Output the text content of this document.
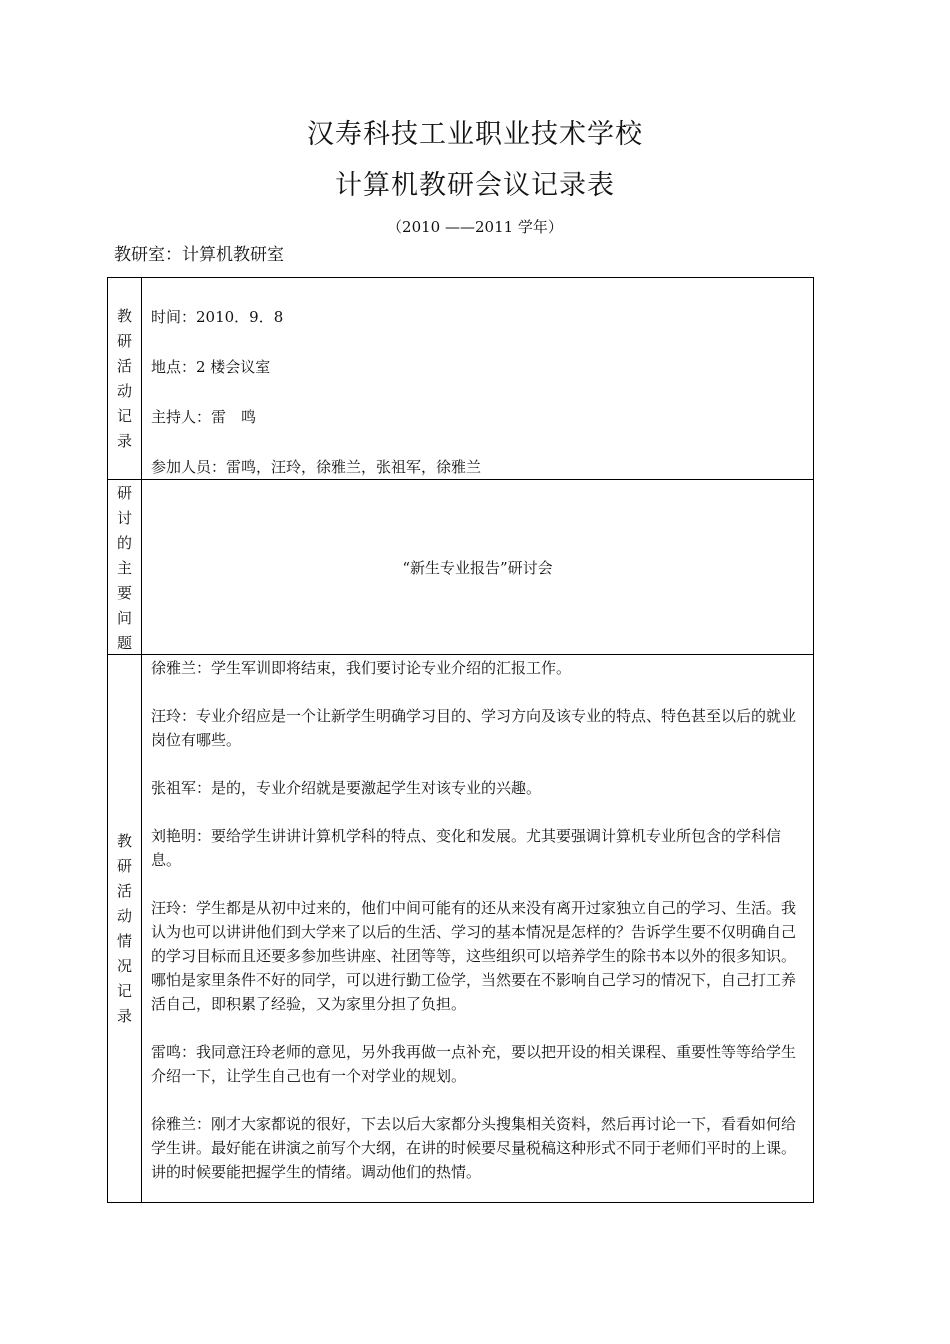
汉寿科技工业职业技术学校
计算机教研会议记录表
（2010 ——2011 学年）
教研室：计算机教研室
教
研
活
动
记
录

时间：2010．9．8

地点：2 楼会议室

主持人：雷　鸣

参加人员：雷鸣，汪玲，徐雅兰，张祖军，徐雅兰

研
讨
的
主
要
问
题
“新生专业报告”研讨会
教
研
活
动
情
况
记
录

徐雅兰：学生军训即将结束，我们要讨论专业介绍的汇报工作。

汪玲：专业介绍应是一个让新学生明确学习目的、学习方向及该专业的特点、特色甚至以后的就业岗位有哪些。

张祖军：是的，专业介绍就是要激起学生对该专业的兴趣。

刘艳明：要给学生讲讲计算机学科的特点、变化和发展。尤其要强调计算机专业所包含的学科信息。

汪玲：学生都是从初中过来的，他们中间可能有的还从来没有离开过家独立自己的学习、生活。我认为也可以讲讲他们到大学来了以后的生活、学习的基本情况是怎样的？告诉学生要不仅明确自己的学习目标而且还要多参加些讲座、社团等等，这些组织可以培养学生的除书本以外的很多知识。哪怕是家里条件不好的同学，可以进行勤工俭学，当然要在不影响自己学习的情况下，自己打工养活自己，即积累了经验，又为家里分担了负担。

雷鸣：我同意汪玲老师的意见，另外我再做一点补充，要以把开设的相关课程、重要性等等给学生介绍一下，让学生自己也有一个对学业的规划。

徐雅兰：刚才大家都说的很好，下去以后大家都分头搜集相关资料，然后再讨论一下，看看如何给学生讲。最好能在讲演之前写个大纲，在讲的时候要尽量税稿这种形式不同于老师们平时的上课。讲的时候要能把握学生的情绪。调动他们的热情。
